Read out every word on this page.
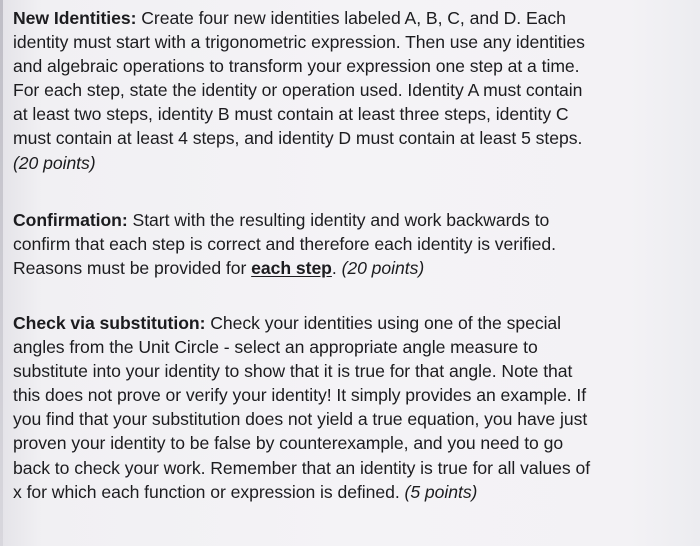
New Identities: Create four new identities labeled A, B, C, and D. Each
identity must start with a trigonometric expression. Then use any identities
and algebraic operations to transform your expression one step at a time.
For each step, state the identity or operation used. Identity A must contain
at least two steps, identity B must contain at least three steps, identity C
must contain at least 4 steps, and identity D must contain at least 5 steps.
(20 points)

Confirmation: Start with the resulting identity and work backwards to
confirm that each step is correct and therefore each identity is verified.
Reasons must be provided for each step. (20 points)

Check via substitution: Check your identities using one of the special
angles from the Unit Circle - select an appropriate angle measure to
substitute into your identity to show that it is true for that angle. Note that
this does not prove or verify your identity! It simply provides an example. If
you find that your substitution does not yield a true equation, you have just
proven your identity to be false by counterexample, and you need to go
back to check your work. Remember that an identity is true for all values of
x for which each function or expression is defined. (5 points)
